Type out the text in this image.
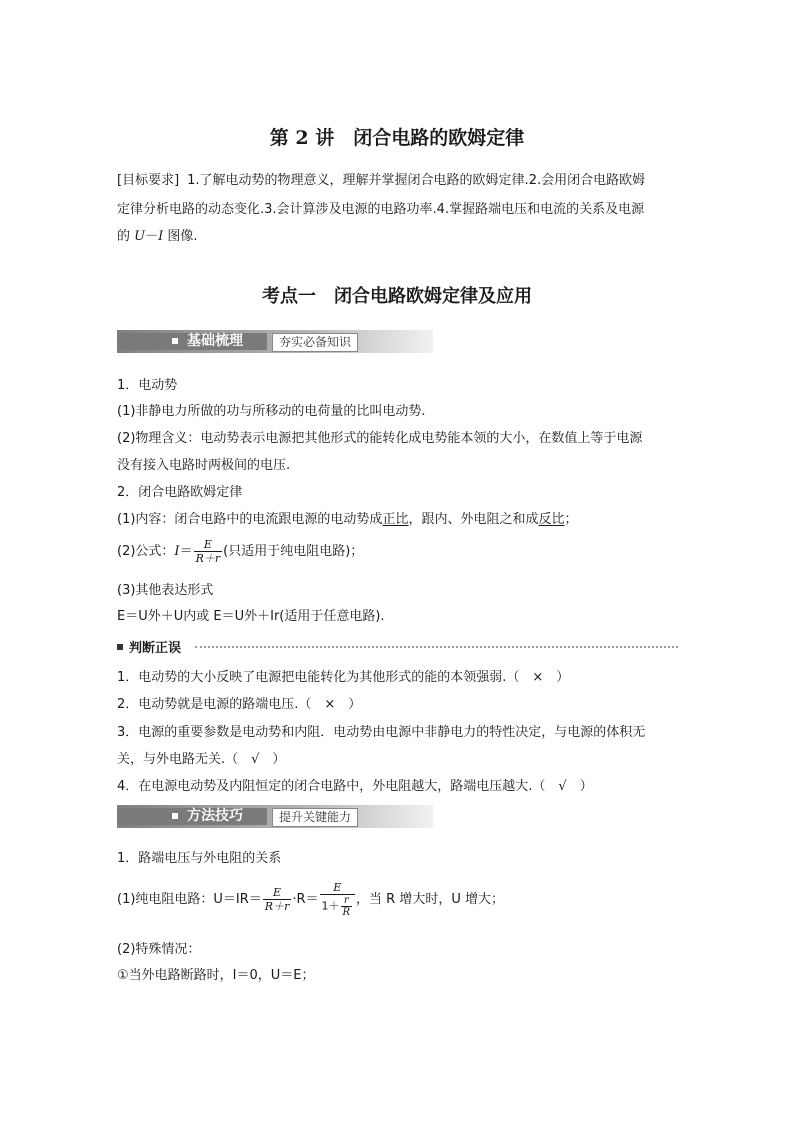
第 2 讲　闭合电路的欧姆定律
[目标要求] 1.了解电动势的物理意义，理解并掌握闭合电路的欧姆定律.2.会用闭合电路欧姆
定律分析电路的动态变化.3.会计算涉及电源的电路功率.4.掌握路端电压和电流的关系及电源
的 U－I 图像.
考点一　闭合电路欧姆定律及应用
基础梳理	夯实必备知识
1．电动势
(1)非静电力所做的功与所移动的电荷量的比叫电动势.
(2)物理含义：电动势表示电源把其他形式的能转化成电势能本领的大小，在数值上等于电源
没有接入电路时两极间的电压.
2．闭合电路欧姆定律
(1)内容：闭合电路中的电流跟电源的电动势成正比，跟内、外电阻之和成反比；
(2)公式：$I= \frac{E}{R+r}$ (只适用于纯电阻电路)；
(3)其他表达形式
E＝U外＋U内或 E＝U外＋Ir(适用于任意电路).
判断正误
1．电动势的大小反映了电源把电能转化为其他形式的能的本领强弱.（　×　）
2．电动势就是电源的路端电压.（　×　）
3．电源的重要参数是电动势和内阻．电动势由电源中非静电力的特性决定，与电源的体积无
关，与外电路无关.（　√　）
4．在电源电动势及内阻恒定的闭合电路中，外电阻越大，路端电压越大.（　√　）
方法技巧	提升关键能力
1．路端电压与外电阻的关系
(1)纯电阻电路：$U=IR= \frac{E}{R+r} \cdot R= \frac{E}{1+ \frac{r}{R}}$ ，当 R 增大时，U 增大；
(2)特殊情况：
①当外电路断路时，I＝0，U＝E；
